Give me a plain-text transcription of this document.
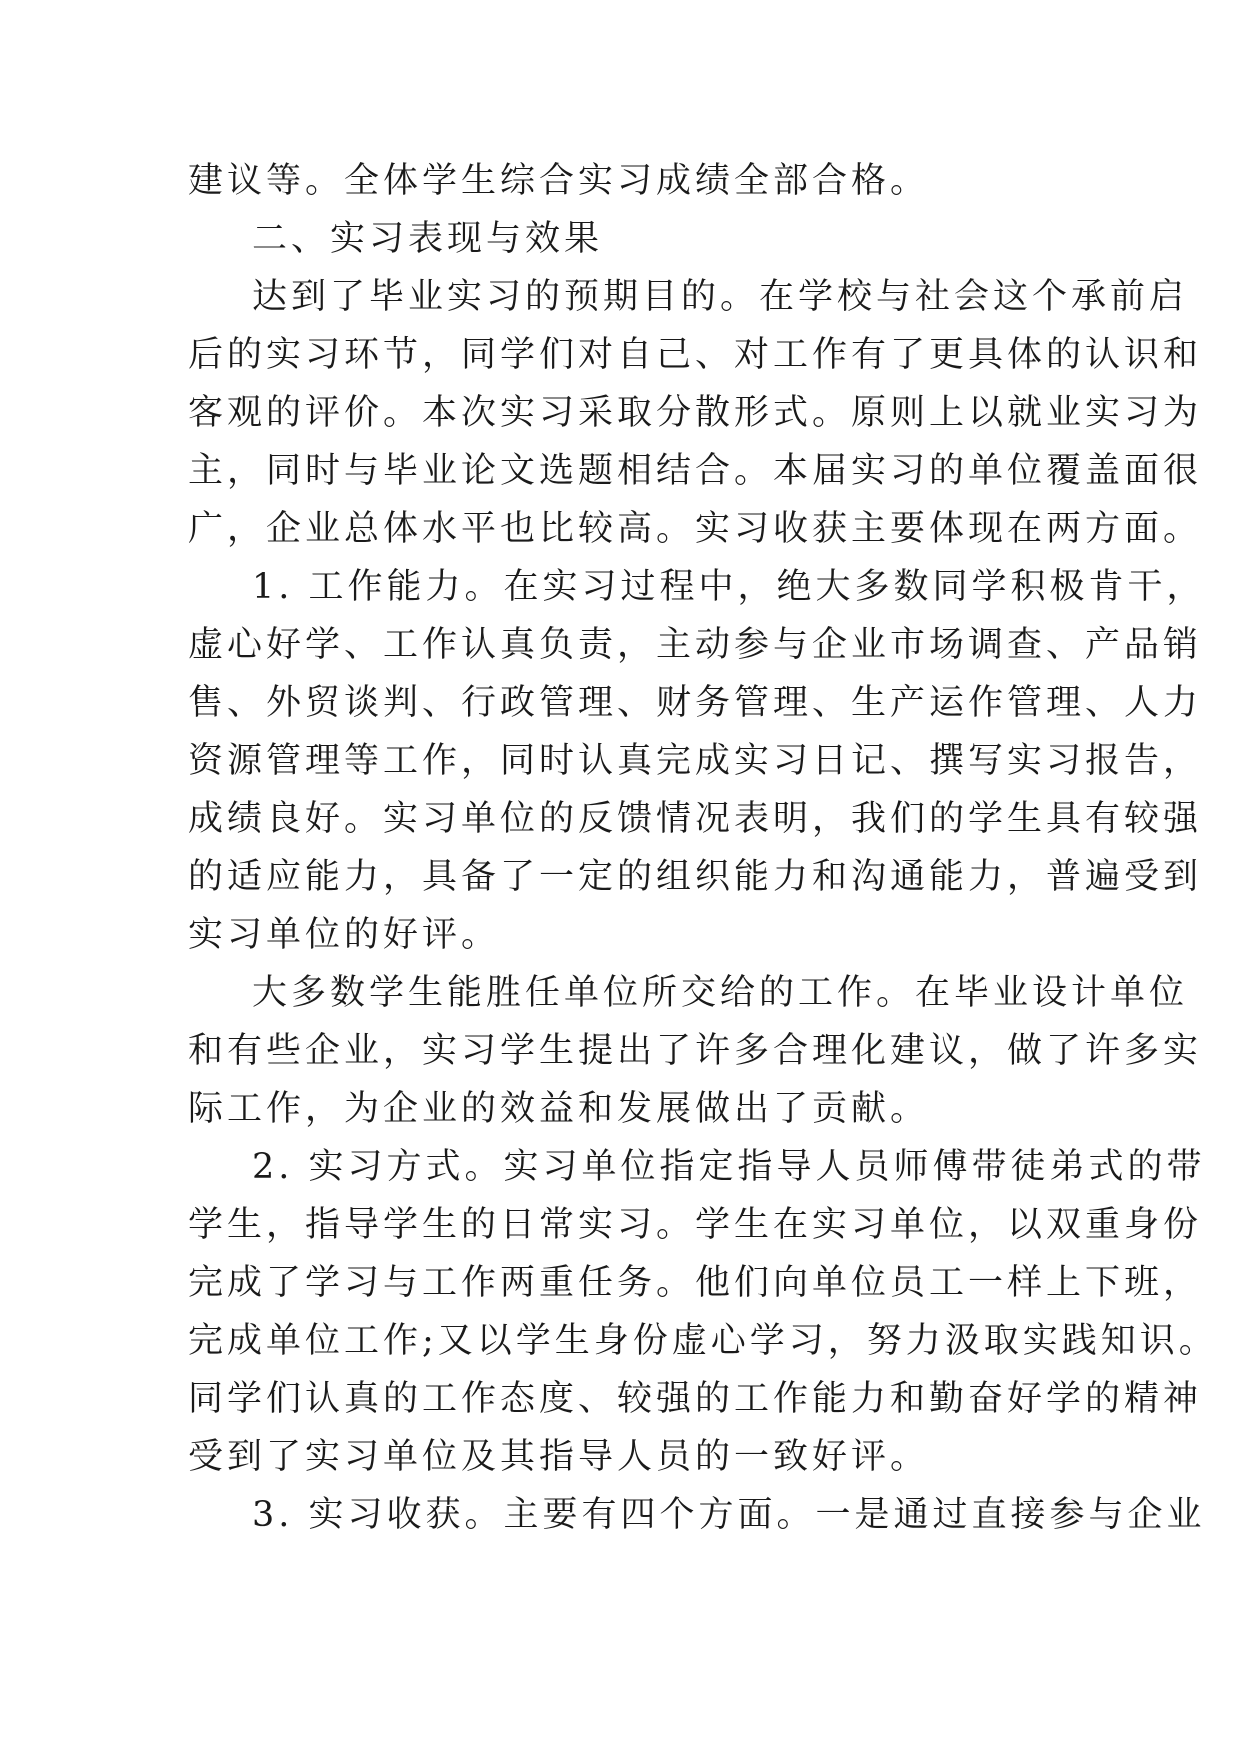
建议等。全体学生综合实习成绩全部合格。
二、实习表现与效果
达到了毕业实习的预期目的。在学校与社会这个承前启
后的实习环节，同学们对自己、对工作有了更具体的认识和
客观的评价。本次实习采取分散形式。原则上以就业实习为
主，同时与毕业论文选题相结合。本届实习的单位覆盖面很
广，企业总体水平也比较高。实习收获主要体现在两方面。
1. 工作能力。在实习过程中，绝大多数同学积极肯干，
虚心好学、工作认真负责，主动参与企业市场调查、产品销
售、外贸谈判、行政管理、财务管理、生产运作管理、人力
资源管理等工作，同时认真完成实习日记、撰写实习报告，
成绩良好。实习单位的反馈情况表明，我们的学生具有较强
的适应能力，具备了一定的组织能力和沟通能力，普遍受到
实习单位的好评。
大多数学生能胜任单位所交给的工作。在毕业设计单位
和有些企业，实习学生提出了许多合理化建议，做了许多实
际工作，为企业的效益和发展做出了贡献。
2. 实习方式。实习单位指定指导人员师傅带徒弟式的带
学生，指导学生的日常实习。学生在实习单位，以双重身份
完成了学习与工作两重任务。他们向单位员工一样上下班，
完成单位工作;又以学生身份虚心学习，努力汲取实践知识。
同学们认真的工作态度、较强的工作能力和勤奋好学的精神
受到了实习单位及其指导人员的一致好评。
3. 实习收获。主要有四个方面。一是通过直接参与企业
